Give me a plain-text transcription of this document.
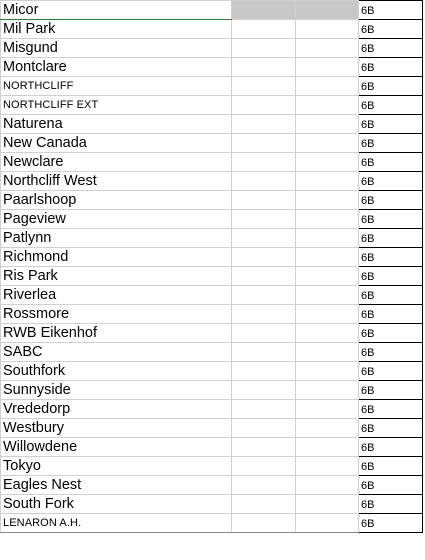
Micor			6B
Mil Park			6B
Misgund			6B
Montclare			6B
NORTHCLIFF			6B
NORTHCLIFF EXT			6B
Naturena			6B
New Canada			6B
Newclare			6B
Northcliff West			6B
Paarlshoop			6B
Pageview			6B
Patlynn			6B
Richmond			6B
Ris Park			6B
Riverlea			6B
Rossmore			6B
RWB Eikenhof			6B
SABC			6B
Southfork			6B
Sunnyside			6B
Vrededorp			6B
Westbury			6B
Willowdene			6B
Tokyo			6B
Eagles Nest			6B
South Fork			6B
LENARON A.H.			6B
